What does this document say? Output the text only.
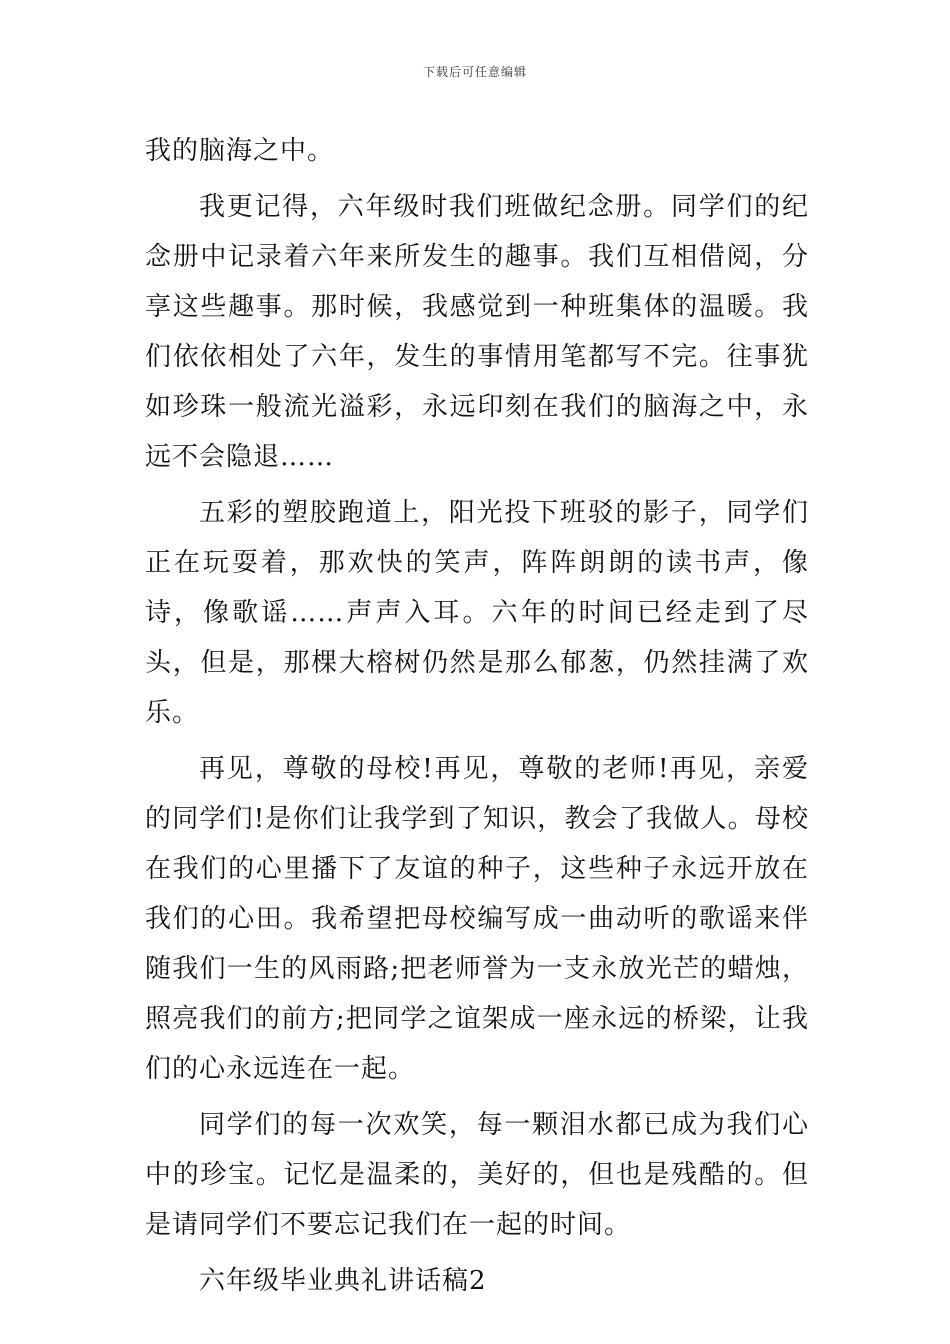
下载后可任意编辑

我的脑海之中。

我更记得，六年级时我们班做纪念册。同学们的纪念册中记录着六年来所发生的趣事。我们互相借阅，分享这些趣事。那时候，我感觉到一种班集体的温暖。我们依依相处了六年，发生的事情用笔都写不完。往事犹如珍珠一般流光溢彩，永远印刻在我们的脑海之中，永远不会隐退……

五彩的塑胶跑道上，阳光投下班驳的影子，同学们正在玩耍着，那欢快的笑声，阵阵朗朗的读书声，像诗，像歌谣……声声入耳。六年的时间已经走到了尽头，但是，那棵大榕树仍然是那么郁葱，仍然挂满了欢乐。

再见，尊敬的母校!再见，尊敬的老师!再见，亲爱的同学们!是你们让我学到了知识，教会了我做人。母校在我们的心里播下了友谊的种子，这些种子永远开放在我们的心田。我希望把母校编写成一曲动听的歌谣来伴随我们一生的风雨路;把老师誉为一支永放光芒的蜡烛，照亮我们的前方;把同学之谊架成一座永远的桥梁，让我们的心永远连在一起。

同学们的每一次欢笑，每一颗泪水都已成为我们心中的珍宝。记忆是温柔的，美好的，但也是残酷的。但是请同学们不要忘记我们在一起的时间。

六年级毕业典礼讲话稿2
